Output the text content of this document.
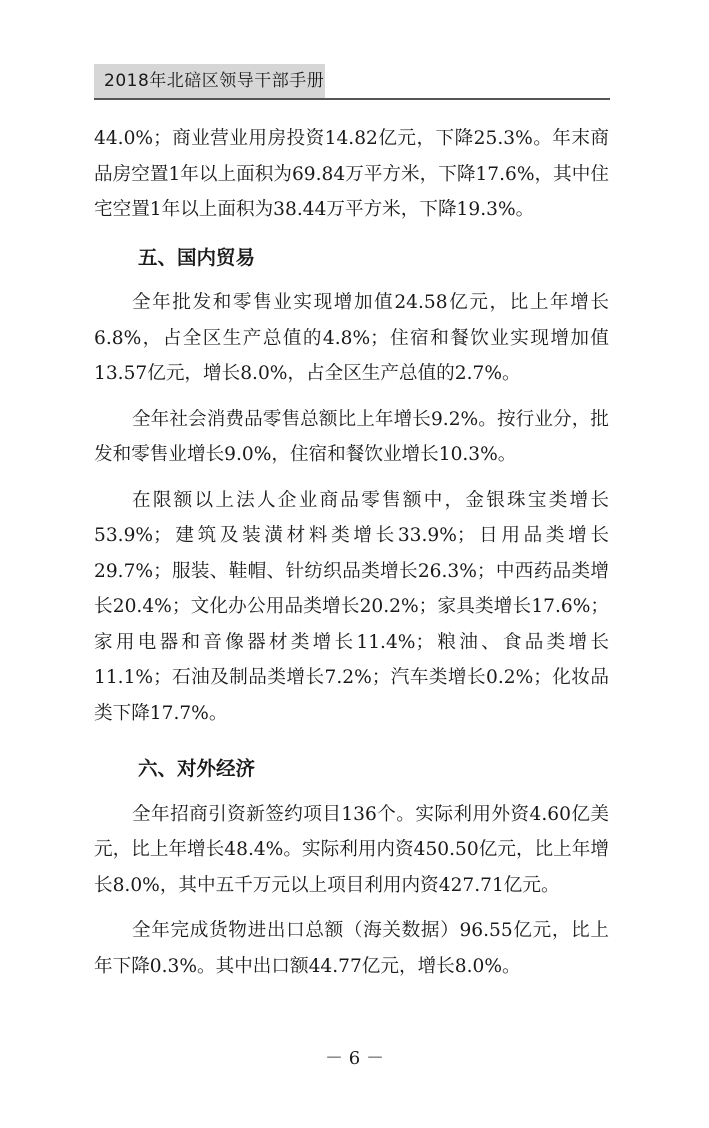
2018年北碚区领导干部手册

44.0%；商业营业用房投资14.82亿元，下降25.3%。年末商品房空置1年以上面积为69.84万平方米，下降17.6%，其中住宅空置1年以上面积为38.44万平方米，下降19.3%。

五、国内贸易

全年批发和零售业实现增加值24.58亿元，比上年增长6.8%，占全区生产总值的4.8%；住宿和餐饮业实现增加值13.57亿元，增长8.0%，占全区生产总值的2.7%。

全年社会消费品零售总额比上年增长9.2%。按行业分，批发和零售业增长9.0%，住宿和餐饮业增长10.3%。

在限额以上法人企业商品零售额中，金银珠宝类增长53.9%；建筑及装潢材料类增长33.9%；日用品类增长29.7%；服装、鞋帽、针纺织品类增长26.3%；中西药品类增长20.4%；文化办公用品类增长20.2%；家具类增长17.6%；家用电器和音像器材类增长11.4%；粮油、食品类增长11.1%；石油及制品类增长7.2%；汽车类增长0.2%；化妆品类下降17.7%。

六、对外经济

全年招商引资新签约项目136个。实际利用外资4.60亿美元，比上年增长48.4%。实际利用内资450.50亿元，比上年增长8.0%，其中五千万元以上项目利用内资427.71亿元。

全年完成货物进出口总额（海关数据）96.55亿元，比上年下降0.3%。其中出口额44.77亿元，增长8.0%。

－ 6 －
